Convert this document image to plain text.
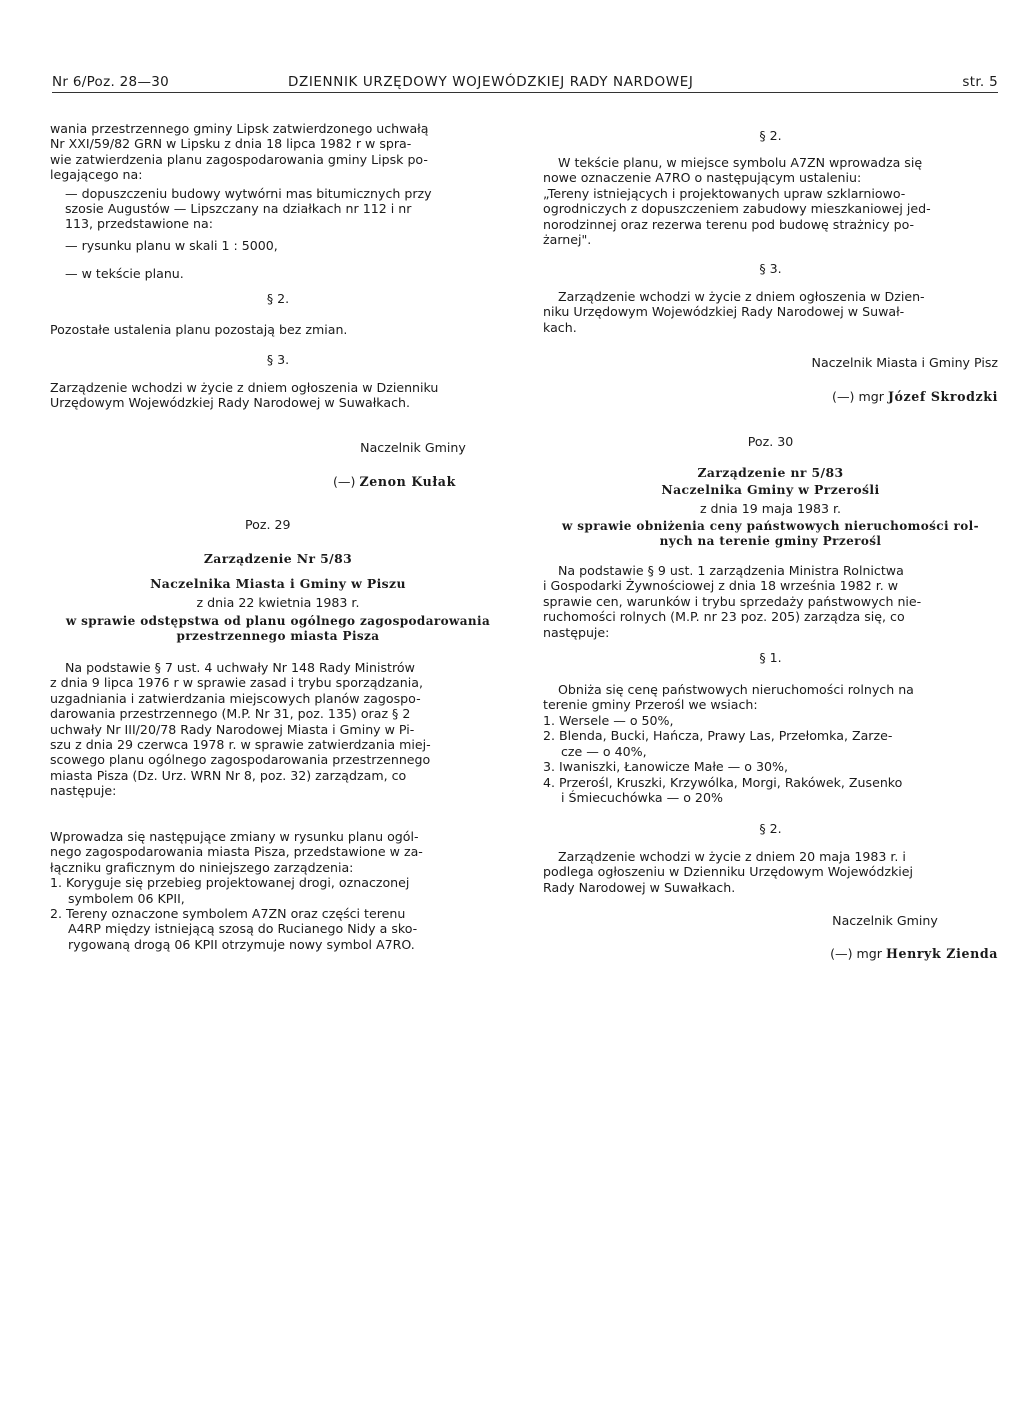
Nr 6/Poz. 28—30	DZIENNIK URZĘDOWY WOJEWÓDZKIEJ RADY NARDOWEJ	str. 5

wania przestrzennego gminy Lipsk zatwierdzonego uchwałą

Nr XXI/59/82 GRN w Lipsku z dnia 18 lipca 1982 r w spra-

wie zatwierdzenia planu zagospodarowania gminy Lipsk po-

legającego na:

— dopuszczeniu budowy wytwórni mas bitumicznych przy

szosie Augustów — Lipszczany na działkach nr 112 i nr

113, przedstawione na:

— rysunku planu w skali 1 : 5000,

— w tekście planu.

§ 2.
Pozostałe ustalenia planu pozostają bez zmian.
§ 3.

Zarządzenie wchodzi w życie z dniem ogłoszenia w Dzienniku

Urzędowym Wojewódzkiej Rady Narodowej w Suwałkach.

Naczelnik Gminy
(—) Zenon Kułak
Poz. 29
Zarządzenie Nr 5/83
Naczelnika Miasta i Gminy w Piszu
z dnia 22 kwietnia 1983 r.

w sprawie odstępstwa od planu ogólnego zagospodarowania

przestrzennego miasta Pisza

Na podstawie § 7 ust. 4 uchwały Nr 148 Rady Ministrów

z dnia 9 lipca 1976 r w sprawie zasad i trybu sporządzania,

uzgadniania i zatwierdzania miejscowych planów zagospo-

darowania przestrzennego (M.P. Nr 31, poz. 135) oraz § 2

uchwały Nr III/20/78 Rady Narodowej Miasta i Gminy w Pi-

szu z dnia 29 czerwca 1978 r. w sprawie zatwierdzania miej-

scowego planu ogólnego zagospodarowania przestrzennego

miasta Pisza (Dz. Urz. WRN Nr 8, poz. 32) zarządzam, co

następuje:

Wprowadza się następujące zmiany w rysunku planu ogól-

nego zagospodarowania miasta Pisza, przedstawione w za-

łączniku graficznym do niniejszego zarządzenia:

1. Koryguje się przebieg projektowanej drogi, oznaczonej

symbolem 06 KPII,

2. Tereny oznaczone symbolem A7ZN oraz części terenu

A4RP między istniejącą szosą do Rucianego Nidy a sko-

rygowaną drogą 06 KPII otrzymuje nowy symbol A7RO.

§ 2.

W tekście planu, w miejsce symbolu A7ZN wprowadza się

nowe oznaczenie A7RO o następującym ustaleniu:

„Tereny istniejących i projektowanych upraw szklarniowo-

ogrodniczych z dopuszczeniem zabudowy mieszkaniowej jed-

norodzinnej oraz rezerwa terenu pod budowę strażnicy po-

żarnej".

§ 3.

Zarządzenie wchodzi w życie z dniem ogłoszenia w Dzien-

niku Urzędowym Wojewódzkiej Rady Narodowej w Suwał-

kach.

Naczelnik Miasta i Gminy Pisz
(—) mgr Józef Skrodzki
Poz. 30
Zarządzenie nr 5/83
Naczelnika Gminy w Przerośli
z dnia 19 maja 1983 r.

w sprawie obniżenia ceny państwowych nieruchomości rol-

nych na terenie gminy Przerośl

Na podstawie § 9 ust. 1 zarządzenia Ministra Rolnictwa

i Gospodarki Żywnościowej z dnia 18 września 1982 r. w

sprawie cen, warunków i trybu sprzedaży państwowych nie-

ruchomości rolnych (M.P. nr 23 poz. 205) zarządza się, co

następuje:

§ 1.

Obniża się cenę państwowych nieruchomości rolnych na

terenie gminy Przerośl we wsiach:

1. Wersele — o 50%,

2. Blenda, Bucki, Hańcza, Prawy Las, Przełomka, Zarze-

cze — o 40%,

3. Iwaniszki, Łanowicze Małe — o 30%,

4. Przerośl, Kruszki, Krzywólka, Morgi, Rakówek, Zusenko

i Śmiecuchówka — o 20%

§ 2.

Zarządzenie wchodzi w życie z dniem 20 maja 1983 r. i

podlega ogłoszeniu w Dzienniku Urzędowym Wojewódzkiej

Rady Narodowej w Suwałkach.

Naczelnik Gminy
(—) mgr Henryk Zienda
